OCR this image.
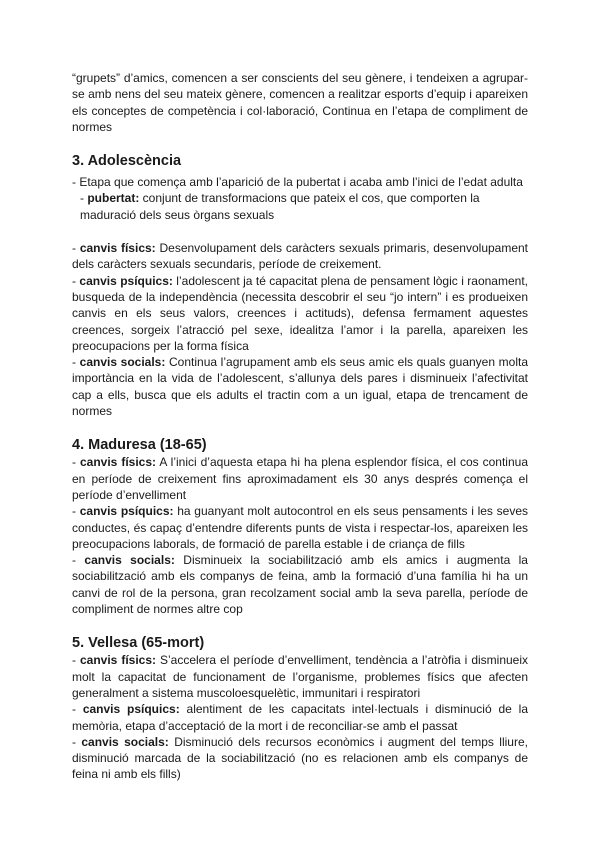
“grupets” d’amics, comencen a ser conscients del seu gènere, i tendeixen a agrupar-se amb nens del seu mateix gènere, comencen a realitzar esports d’equip i apareixen els conceptes de competència i col·laboració, Continua en l’etapa de compliment de normes

3. Adolescència

- Etapa que comença amb l’aparició de la pubertat i acaba amb l’inici de l’edat adulta

- pubertat: conjunt de transformacions que pateix el cos, que comporten la maduració dels seus òrgans sexuals

- canvis físics: Desenvolupament dels caràcters sexuals primaris, desenvolupament dels caràcters sexuals secundaris, període de creixement.

- canvis psíquics: l’adolescent ja té capacitat plena de pensament lògic i raonament, busqueda de la independència (necessita descobrir el seu “jo intern” i es produeixen canvis en els seus valors, creences i actituds), defensa fermament aquestes creences, sorgeix l’atracció pel sexe, idealitza l’amor i la parella, apareixen les preocupacions per la forma física

- canvis socials: Continua l’agrupament amb els seus amic els quals guanyen molta importància en la vida de l’adolescent, s’allunya dels pares i disminueix l’afectivitat cap a ells, busca que els adults el tractin com a un igual, etapa de trencament de normes

4. Maduresa (18-65)

- canvis físics: A l’inici d’aquesta etapa hi ha plena esplendor física, el cos continua en període de creixement fins aproximadament els 30 anys després comença el període d’envelliment

- canvis psíquics: ha guanyant molt autocontrol en els seus pensaments i les seves conductes, és capaç d’entendre diferents punts de vista i respectar-los, apareixen les preocupacions laborals, de formació de parella estable i de criança de fills

- canvis socials: Disminueix la sociabilització amb els amics i augmenta la sociabilització amb els companys de feina, amb la formació d’una família hi ha un canvi de rol de la persona, gran recolzament social amb la seva parella, període de compliment de normes altre cop

5. Vellesa (65-mort)

- canvis físics: S’accelera el període d’envelliment, tendència a l’atròfia i disminueix molt la capacitat de funcionament de l’organisme, problemes físics que afecten generalment a sistema muscoloesquelètic, immunitari i respiratori

- canvis psíquics: alentiment de les capacitats intel·lectuals i disminució de la memòria, etapa d’acceptació de la mort i de reconciliar-se amb el passat

- canvis socials: Disminució dels recursos econòmics i augment del temps lliure, disminució marcada de la sociabilització (no es relacionen amb els companys de feina ni amb els fills)
